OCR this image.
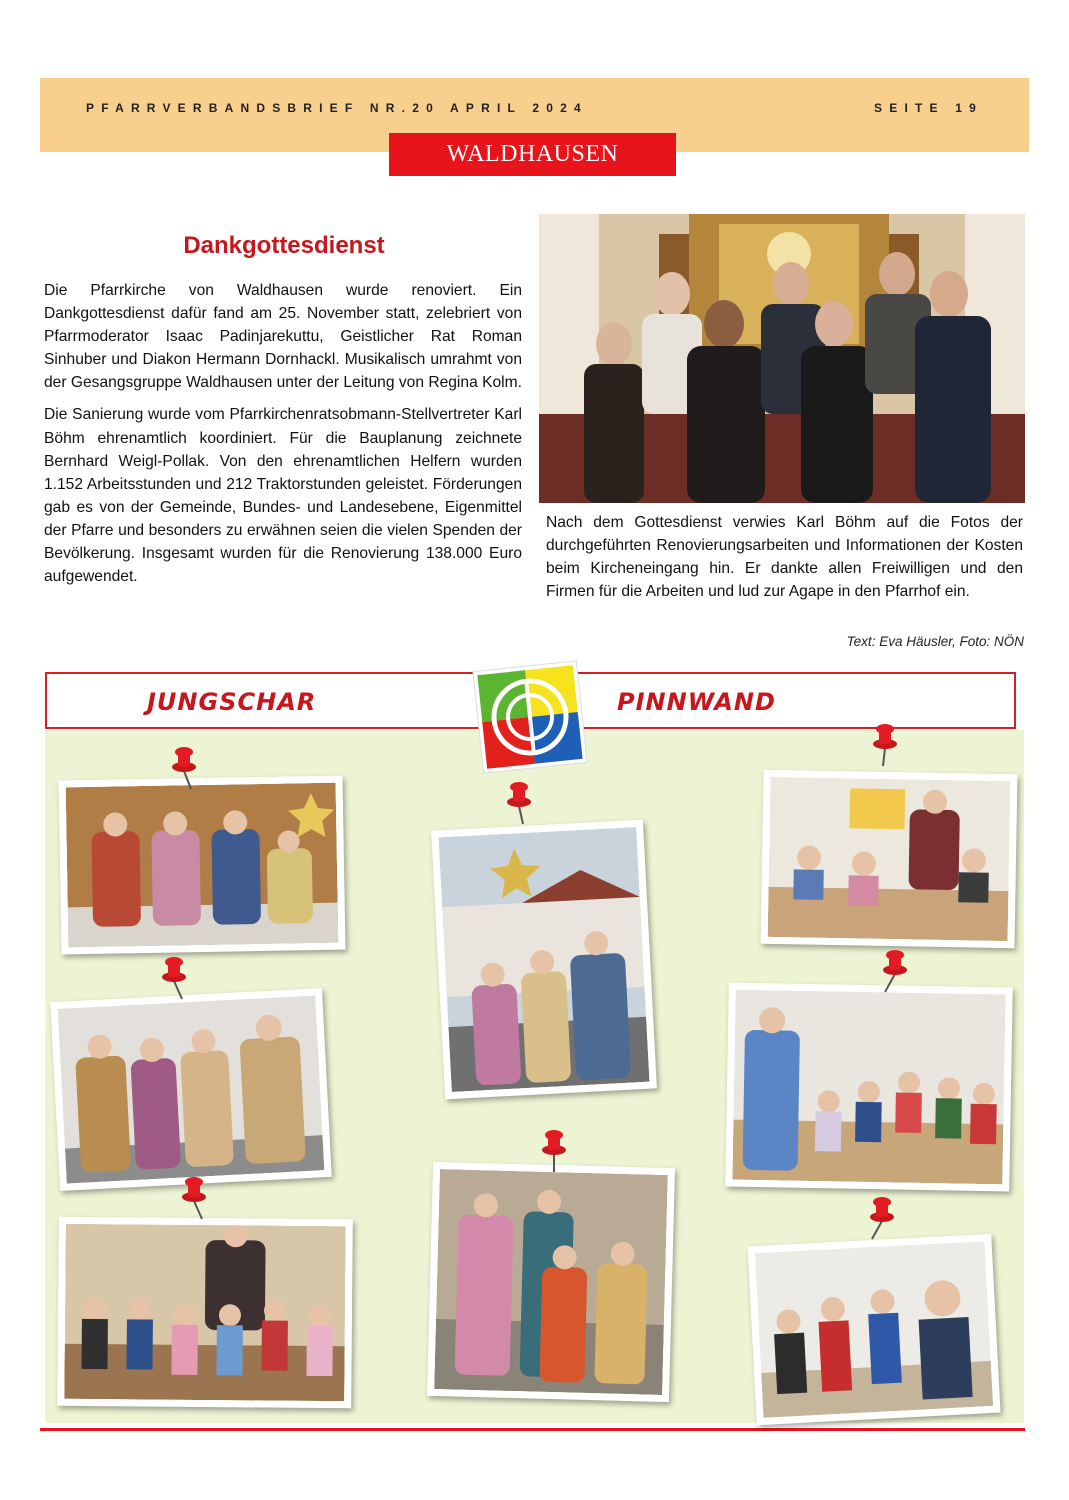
PFARRVERBANDSBRIEF NR.20 APRIL 2024	SEITE 19
WALDHAUSEN
Dankgottesdienst

Die Pfarrkirche von Waldhausen wurde renoviert. Ein Dankgottesdienst dafür fand am 25. November statt, zelebriert von Pfarrmoderator Isaac Padinjarekuttu, Geistlicher Rat Roman Sinhuber und Diakon Hermann Dornhackl. Musikalisch umrahmt von der Gesangsgruppe Waldhausen unter der Leitung von Regina Kolm.

Die Sanierung wurde vom Pfarrkirchenratsobmann-Stellvertreter Karl Böhm ehrenamtlich koordiniert. Für die Bauplanung zeichnete Bernhard Weigl-Pollak. Von den ehrenamtlichen Helfern wurden 1.152 Arbeitsstunden und 212 Traktorstunden geleistet. Förderungen gab es von der Gemeinde, Bundes- und Landesebene, Eigenmittel der Pfarre und besonders zu erwähnen seien die vielen Spenden der Bevölkerung. Insgesamt wurden für die Renovierung 138.000 Euro aufgewendet.

Nach dem Gottesdienst verwies Karl Böhm auf die Fotos der durchgeführten Renovierungsarbeiten und Informationen der Kosten beim Kircheneingang hin. Er dankte allen Freiwilligen und den Firmen für die Arbeiten und lud zur Agape in den Pfarrhof ein.
Text: Eva Häusler, Foto: NÖN
JUNGSCHAR	PINNWAND
